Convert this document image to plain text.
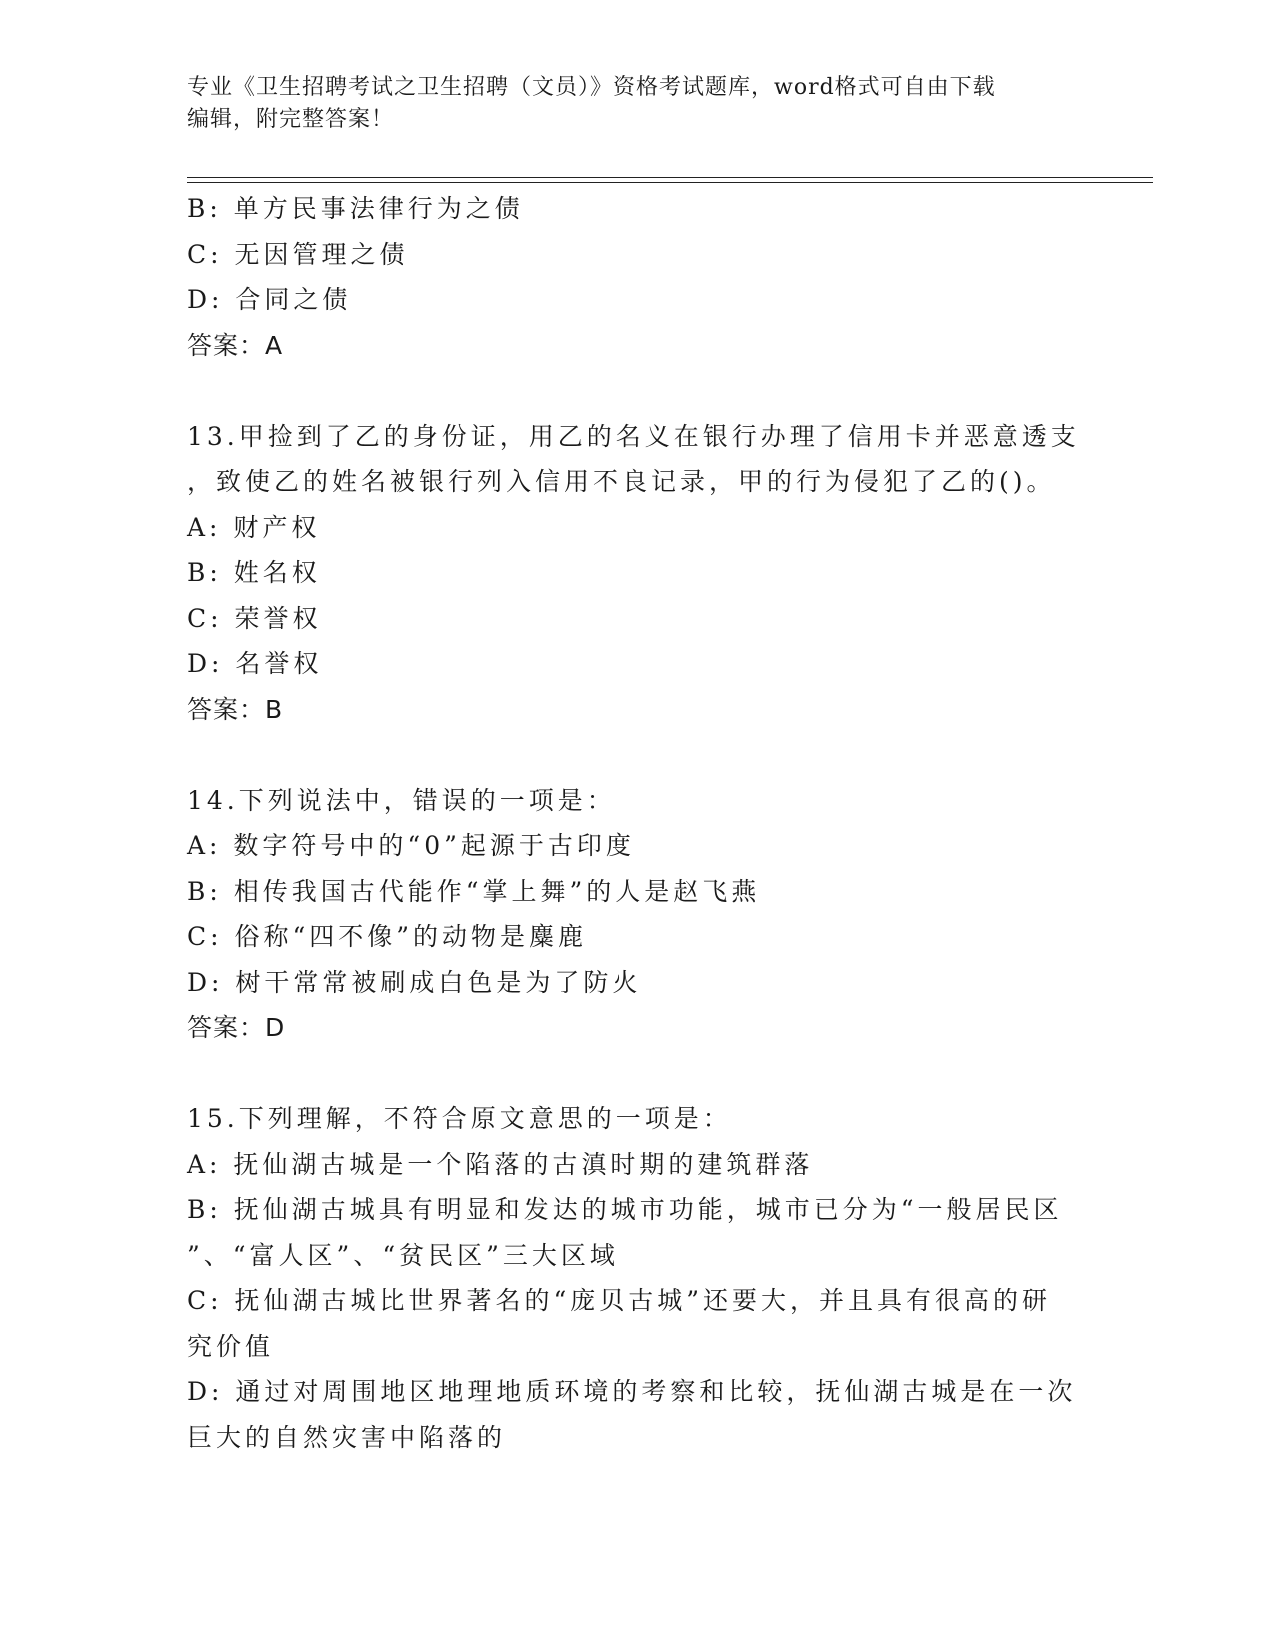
专业《卫生招聘考试之卫生招聘（文员）》资格考试题库，word格式可自由下载
编辑，附完整答案！
B: 单方民事法律行为之债
C: 无因管理之债
D: 合同之债
答案：A
13.甲捡到了乙的身份证，用乙的名义在银行办理了信用卡并恶意透支
，致使乙的姓名被银行列入信用不良记录，甲的行为侵犯了乙的()。
A: 财产权
B: 姓名权
C: 荣誉权
D: 名誉权
答案：B
14.下列说法中，错误的一项是：
A: 数字符号中的“0”起源于古印度
B: 相传我国古代能作“掌上舞”的人是赵飞燕
C: 俗称“四不像”的动物是麋鹿
D: 树干常常被刷成白色是为了防火
答案：D
15.下列理解，不符合原文意思的一项是：
A: 抚仙湖古城是一个陷落的古滇时期的建筑群落
B: 抚仙湖古城具有明显和发达的城市功能，城市已分为“一般居民区
”、“富人区”、“贫民区”三大区域
C: 抚仙湖古城比世界著名的“庞贝古城”还要大，并且具有很高的研
究价值
D: 通过对周围地区地理地质环境的考察和比较，抚仙湖古城是在一次
巨大的自然灾害中陷落的
